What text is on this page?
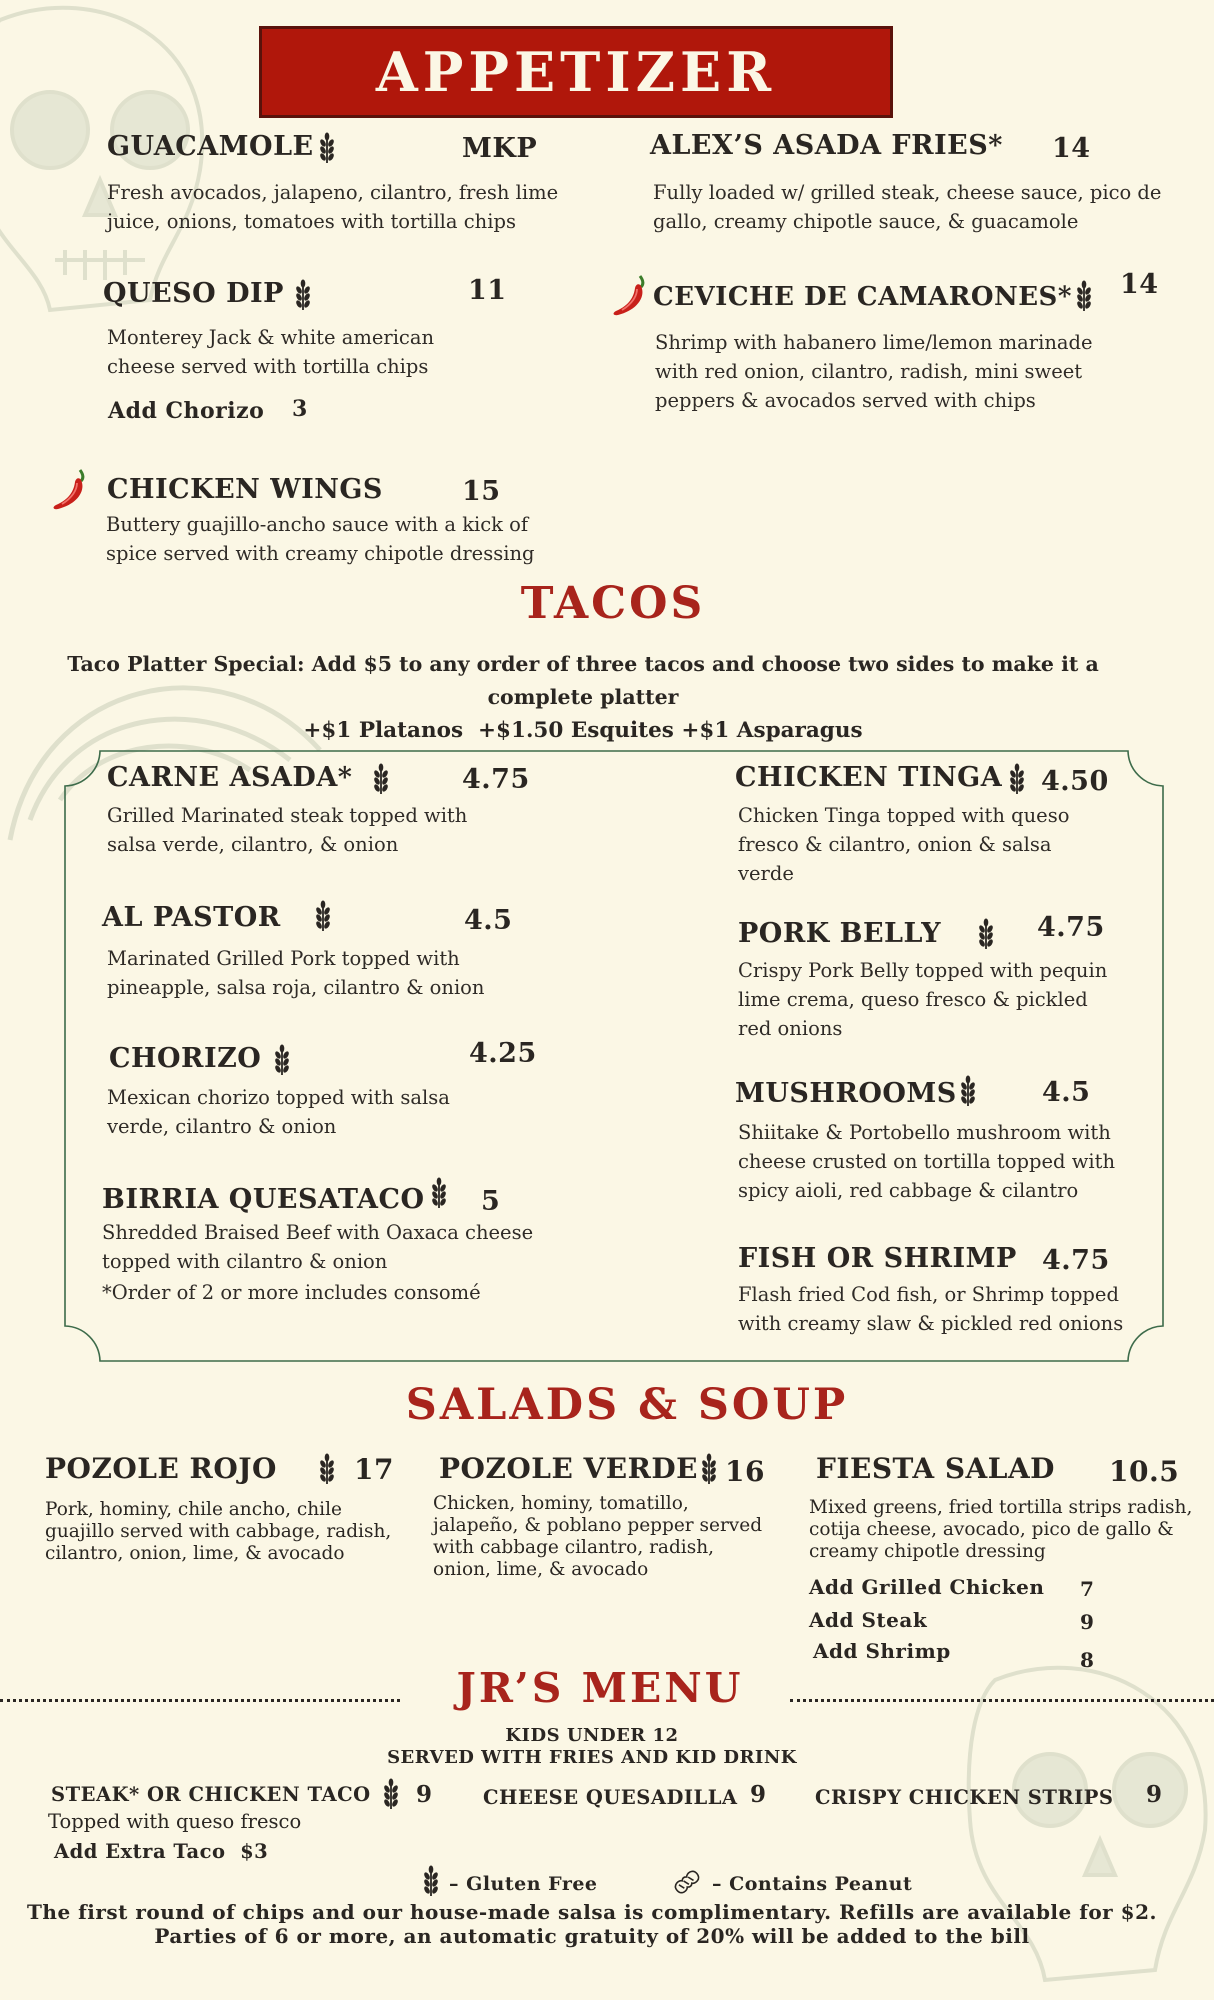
APPETIZER
GUACAMOLE	MKP
Fresh avocados, jalapeno, cilantro, fresh lime juice, onions, tomatoes with tortilla chips
ALEX’S ASADA FRIES* 14
Fully loaded w/ grilled steak, cheese sauce, pico de gallo, creamy chipotle sauce, & guacamole
QUESO DIP	11
Monterey Jack & white american cheese served with tortilla chips
Add Chorizo 3
CEVICHE DE CAMARONES* 14
Shrimp with habanero lime/lemon marinade with red onion, cilantro, radish, mini sweet peppers & avocados served with chips
CHICKEN WINGS	15
Buttery guajillo-ancho sauce with a kick of spice served with creamy chipotle dressing
TACOS
Taco Platter Special: Add $5 to any order of three tacos and choose two sides to make it a
complete platter
+$1 Platanos  +$1.50 Esquites +$1 Asparagus
CARNE ASADA*	4.75
Grilled Marinated steak topped with salsa verde, cilantro, & onion
CHICKEN TINGA 4.50
Chicken Tinga topped with queso fresco & cilantro, onion & salsa verde
AL PASTOR	4.5
Marinated Grilled Pork topped with pineapple, salsa roja, cilantro & onion
PORK BELLY	4.75
Crispy Pork Belly topped with pequin lime crema, queso fresco & pickled red onions
CHORIZO	4.25
Mexican chorizo topped with salsa verde, cilantro & onion
MUSHROOMS	4.5
Shiitake & Portobello mushroom with cheese crusted on tortilla topped with spicy aioli, red cabbage & cilantro
BIRRIA QUESATACO 5
Shredded Braised Beef with Oaxaca cheese topped with cilantro & onion
*Order of 2 or more includes consomé
FISH OR SHRIMP 4.75
Flash fried Cod fish, or Shrimp topped with creamy slaw & pickled red onions
SALADS & SOUP
POZOLE ROJO	17
Pork, hominy, chile ancho, chile guajillo served with cabbage, radish, cilantro, onion, lime, & avocado
POZOLE VERDE 16
Chicken, hominy, tomatillo, jalapeño, & poblano pepper served with cabbage cilantro, radish, onion, lime, & avocado
FIESTA SALAD 10.5
Mixed greens, fried tortilla strips radish, cotija cheese, avocado, pico de gallo & creamy chipotle dressing
Add Grilled Chicken 7
Add Steak	9
Add Shrimp	8
JR’S MENU
KIDS UNDER 12
SERVED WITH FRIES AND KID DRINK
STEAK* OR CHICKEN TACO 9
Topped with queso fresco
Add Extra Taco  $3
CHEESE QUESADILLA 9 CRISPY CHICKEN STRIPS 9
– Gluten Free	– Contains Peanut
The first round of chips and our house-made salsa is complimentary. Refills are available for $2.
Parties of 6 or more, an automatic gratuity of 20% will be added to the bill
